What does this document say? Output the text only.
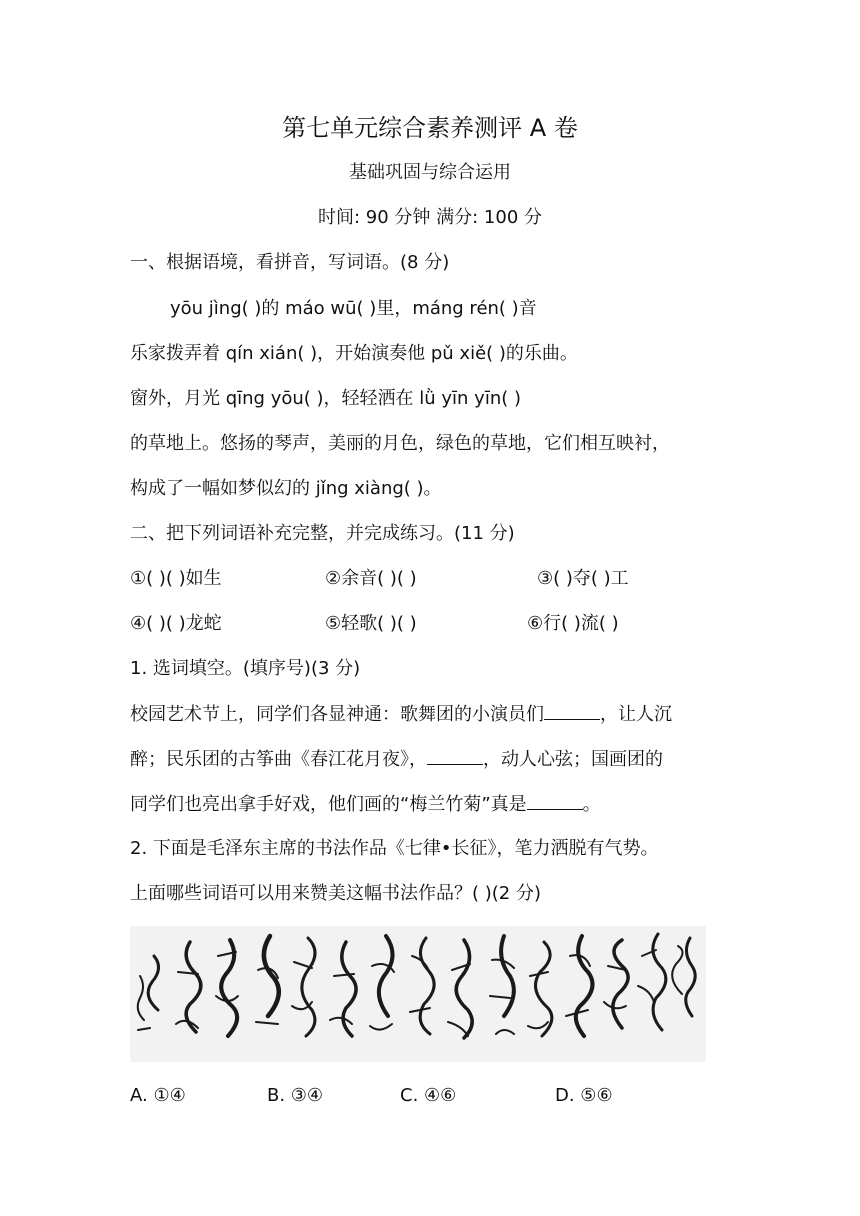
第七单元综合素养测评 A 卷
基础巩固与综合运用
时间: 90 分钟 满分: 100 分
一、根据语境，看拼音，写词语。(8 分)
yōu jìng( )的 máo wū( )里，máng rén( )音
乐家拨弄着 qín xián( )，开始演奏他 pǔ xiě( )的乐曲。
窗外，月光 qīng yōu( )，轻轻洒在 lǜ yīn yīn( )
的草地上。悠扬的琴声，美丽的月色，绿色的草地，它们相互映衬，
构成了一幅如梦似幻的 jǐng xiàng( )。
二、把下列词语补充完整，并完成练习。(11 分)
①( )( )如生	②余音( )( )	③( )夺( )工
④( )( )龙蛇	⑤轻歌( )( )	⑥行( )流( )
1. 选词填空。(填序号)(3 分)
校园艺术节上，同学们各显神通：歌舞团的小演员们	，让人沉
醉；民乐团的古筝曲《春江花月夜》，	，动人心弦；国画团的
同学们也亮出拿手好戏，他们画的“梅兰竹菊”真是	。
2. 下面是毛泽东主席的书法作品《七律•长征》，笔力洒脱有气势。
上面哪些词语可以用来赞美这幅书法作品？( )(2 分)
A. ①④	B. ③④	C. ④⑥	D. ⑤⑥
